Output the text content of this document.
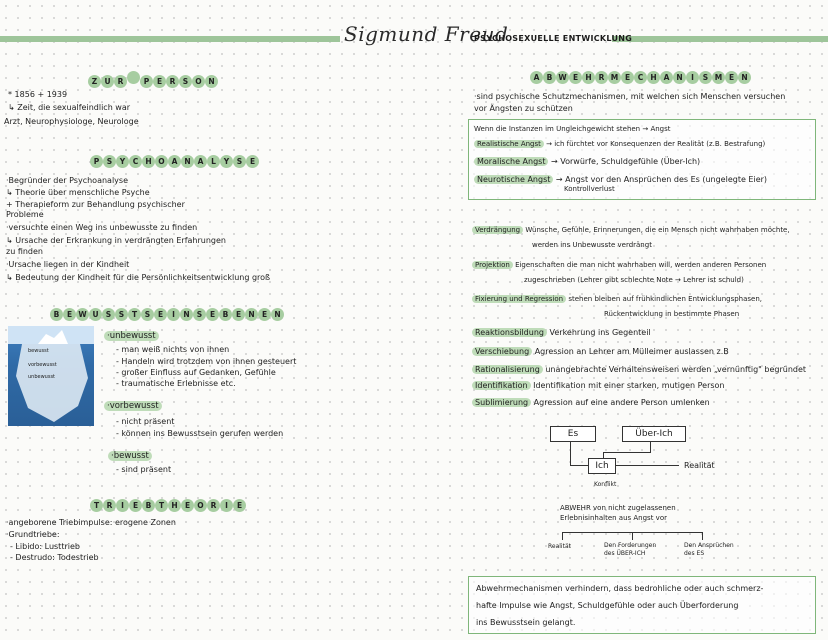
Sigmund Freud
PSYCHOSEXUELLE ENTWICKLUNG
Z U R	P E R S O N
* 1856 + 1939
↳ Zeit, die sexualfeindlich war
Arzt, Neurophysiologe, Neurologe
P S Y C H O A N A L Y S E
·Begründer der Psychoanalyse
↳ Theorie über menschliche Psyche
+ Therapieform zur Behandlung psychischer
Probleme
·versuchte einen Weg ins unbewusste zu finden
↳ Ursache der Erkrankung in verdrängten Erfahrungen
zu finden
·Ursache liegen in der Kindheit
↳ Bedeutung der Kindheit für die Persönlichkeitsentwicklung groß
B E W U S S T S E I N S E B E N E N
bewusst
vorbewusst
unbewusst
·unbewusst
- man weiß nichts von ihnen
- Handeln wird trotzdem von ihnen gesteuert
- großer Einfluss auf Gedanken, Gefühle
- traumatische Erlebnisse etc.
·vorbewusst
- nicht präsent
- können ins Bewusstsein gerufen werden
·bewusst
- sind präsent
T R I E B T H E O R I E
·angeborene Triebimpulse: erogene Zonen
·Grundtriebe:
- Libido: Lusttrieb
- Destrudo: Todestrieb
A B W E H R M E C H A N I S M E N
·sind psychische Schutzmechanismen, mit welchen sich Menschen versuchen
vor Ängsten zu schützen
Wenn die Instanzen im Ungleichgewicht stehen → Angst
Realistische Angst → ich fürchtet vor Konsequenzen der Realität (z.B. Bestrafung)
Moralische Angst → Vorwürfe, Schuldgefühle (Über-Ich)
Neurotische Angst → Angst vor den Ansprüchen des Es (ungelegte Eier)
Kontrollverlust
Verdrängung Wünsche, Gefühle, Erinnerungen, die ein Mensch nicht wahrhaben möchte,
werden ins Unbewusste verdrängt
Projektion Eigenschaften die man nicht wahrhaben will, werden anderen Personen
zugeschrieben (Lehrer gibt schlechte Note → Lehrer ist schuld)
Fixierung und Regression stehen bleiben auf frühkindlichen Entwicklungsphasen,
Rückentwicklung in bestimmte Phasen
Reaktionsbildung Verkehrung ins Gegenteil
Verschiebung Agression an Lehrer am Mülleimer auslassen z.B
Rationalisierung unangebrachte Verhaltensweisen werden „vernünftig" begründet
Identifikation Identifikation mit einer starken, mutigen Person
Sublimierung Agression auf eine andere Person umlenken
Es	Über-Ich
Ich	Realität
Konflikt
ABWEHR von nicht zugelassenen
Erlebnisinhalten aus Angst vor
Realität	Den Forderungen des ÜBER-ICH
Den Ansprüchen des ES
Abwehrmechanismen verhindern, dass bedrohliche oder auch schmerz-
hafte Impulse wie Angst, Schuldgefühle oder auch Überforderung
ins Bewusstsein gelangt.
